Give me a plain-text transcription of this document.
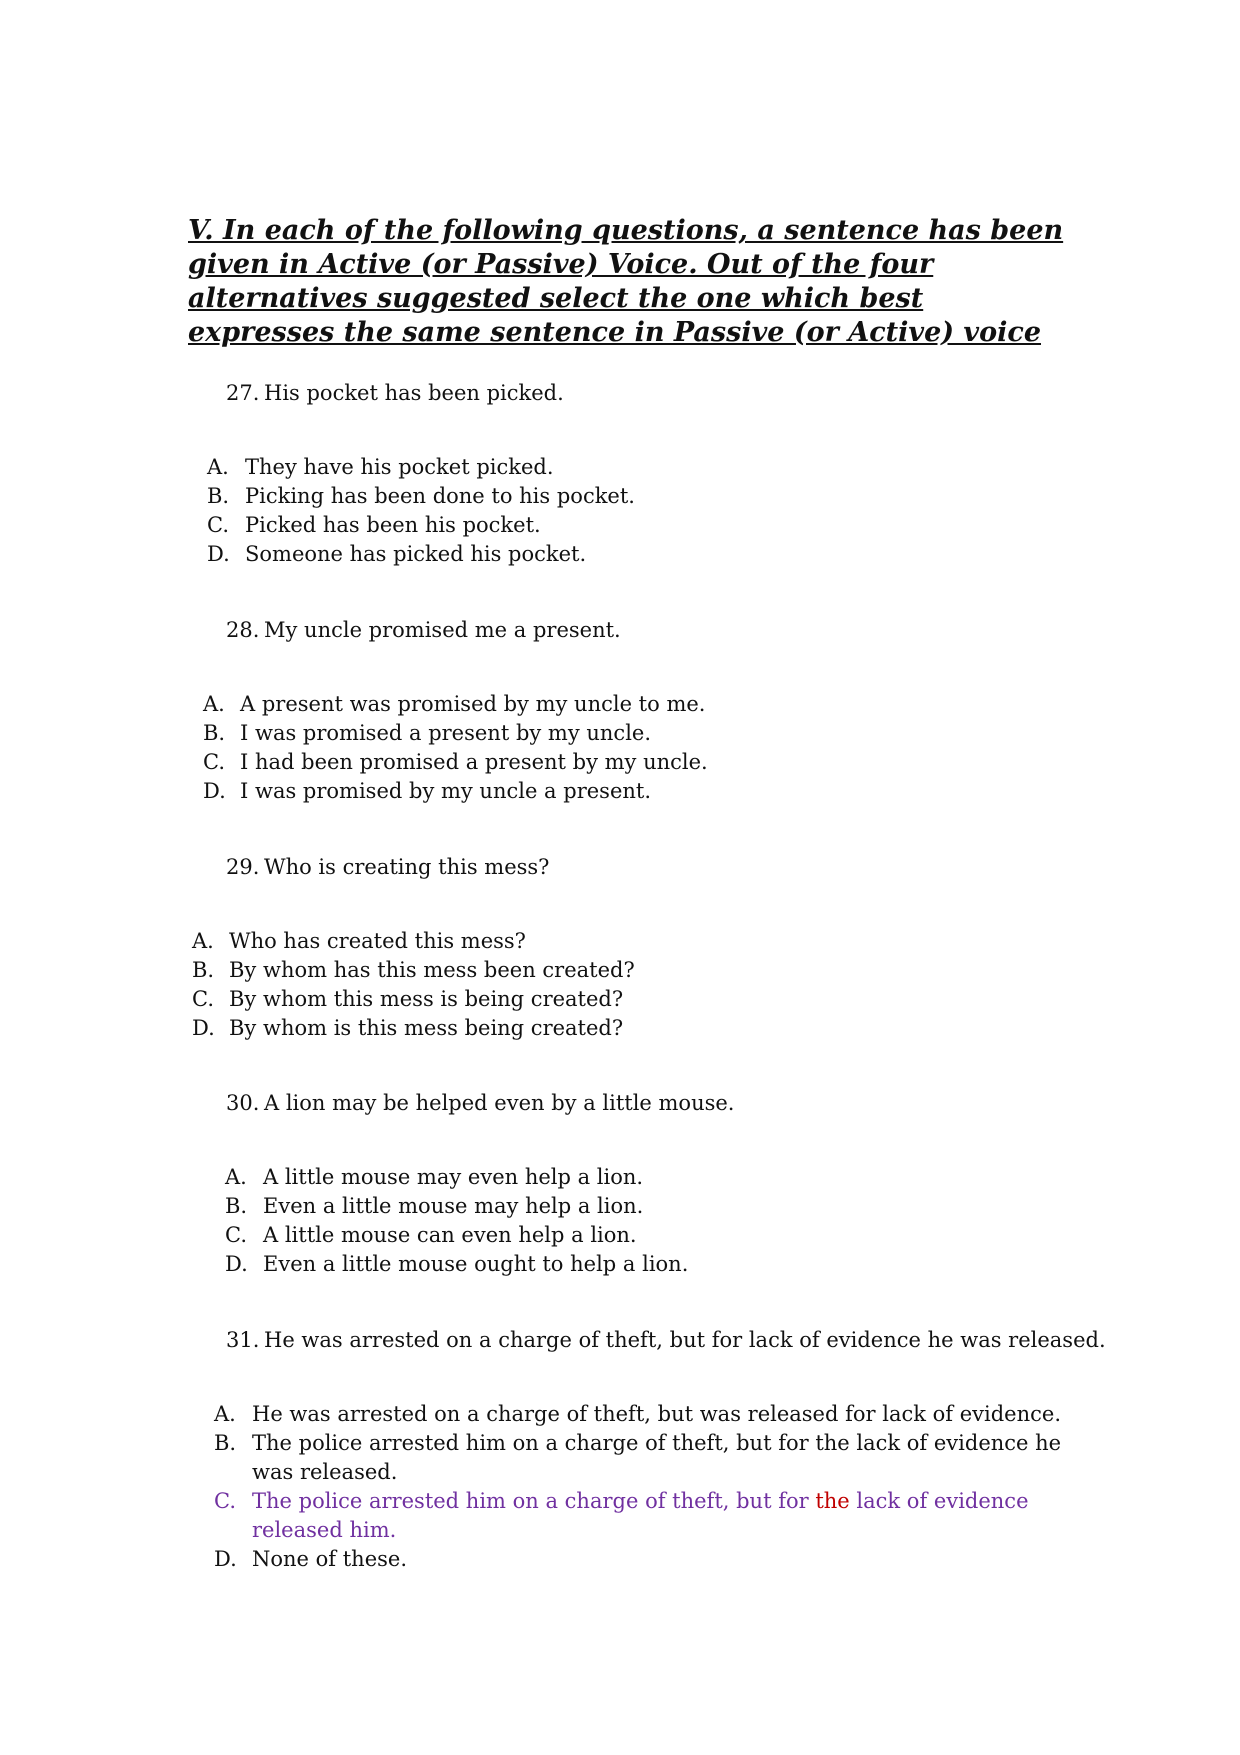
V. In each of the following questions, a sentence has been given in Active (or Passive) Voice. Out of the four alternatives suggested select the one which best expresses the same sentence in Passive (or Active) voice
27. His pocket has been picked.
A. They have his pocket picked.
B. Picking has been done to his pocket.
C. Picked has been his pocket.
D. Someone has picked his pocket.
28. My uncle promised me a present.
A. A present was promised by my uncle to me.
B. I was promised a present by my uncle.
C. I had been promised a present by my uncle.
D. I was promised by my uncle a present.
29. Who is creating this mess?
A. Who has created this mess?
B. By whom has this mess been created?
C. By whom this mess is being created?
D. By whom is this mess being created?
30. A lion may be helped even by a little mouse.
A. A little mouse may even help a lion.
B. Even a little mouse may help a lion.
C. A little mouse can even help a lion.
D. Even a little mouse ought to help a lion.
31. He was arrested on a charge of theft, but for lack of evidence he was released.
A. He was arrested on a charge of theft, but was released for lack of evidence.
B. The police arrested him on a charge of theft, but for the lack of evidence he was released.
C. The police arrested him on a charge of theft, but for the lack of evidence released him.
D. None of these.
